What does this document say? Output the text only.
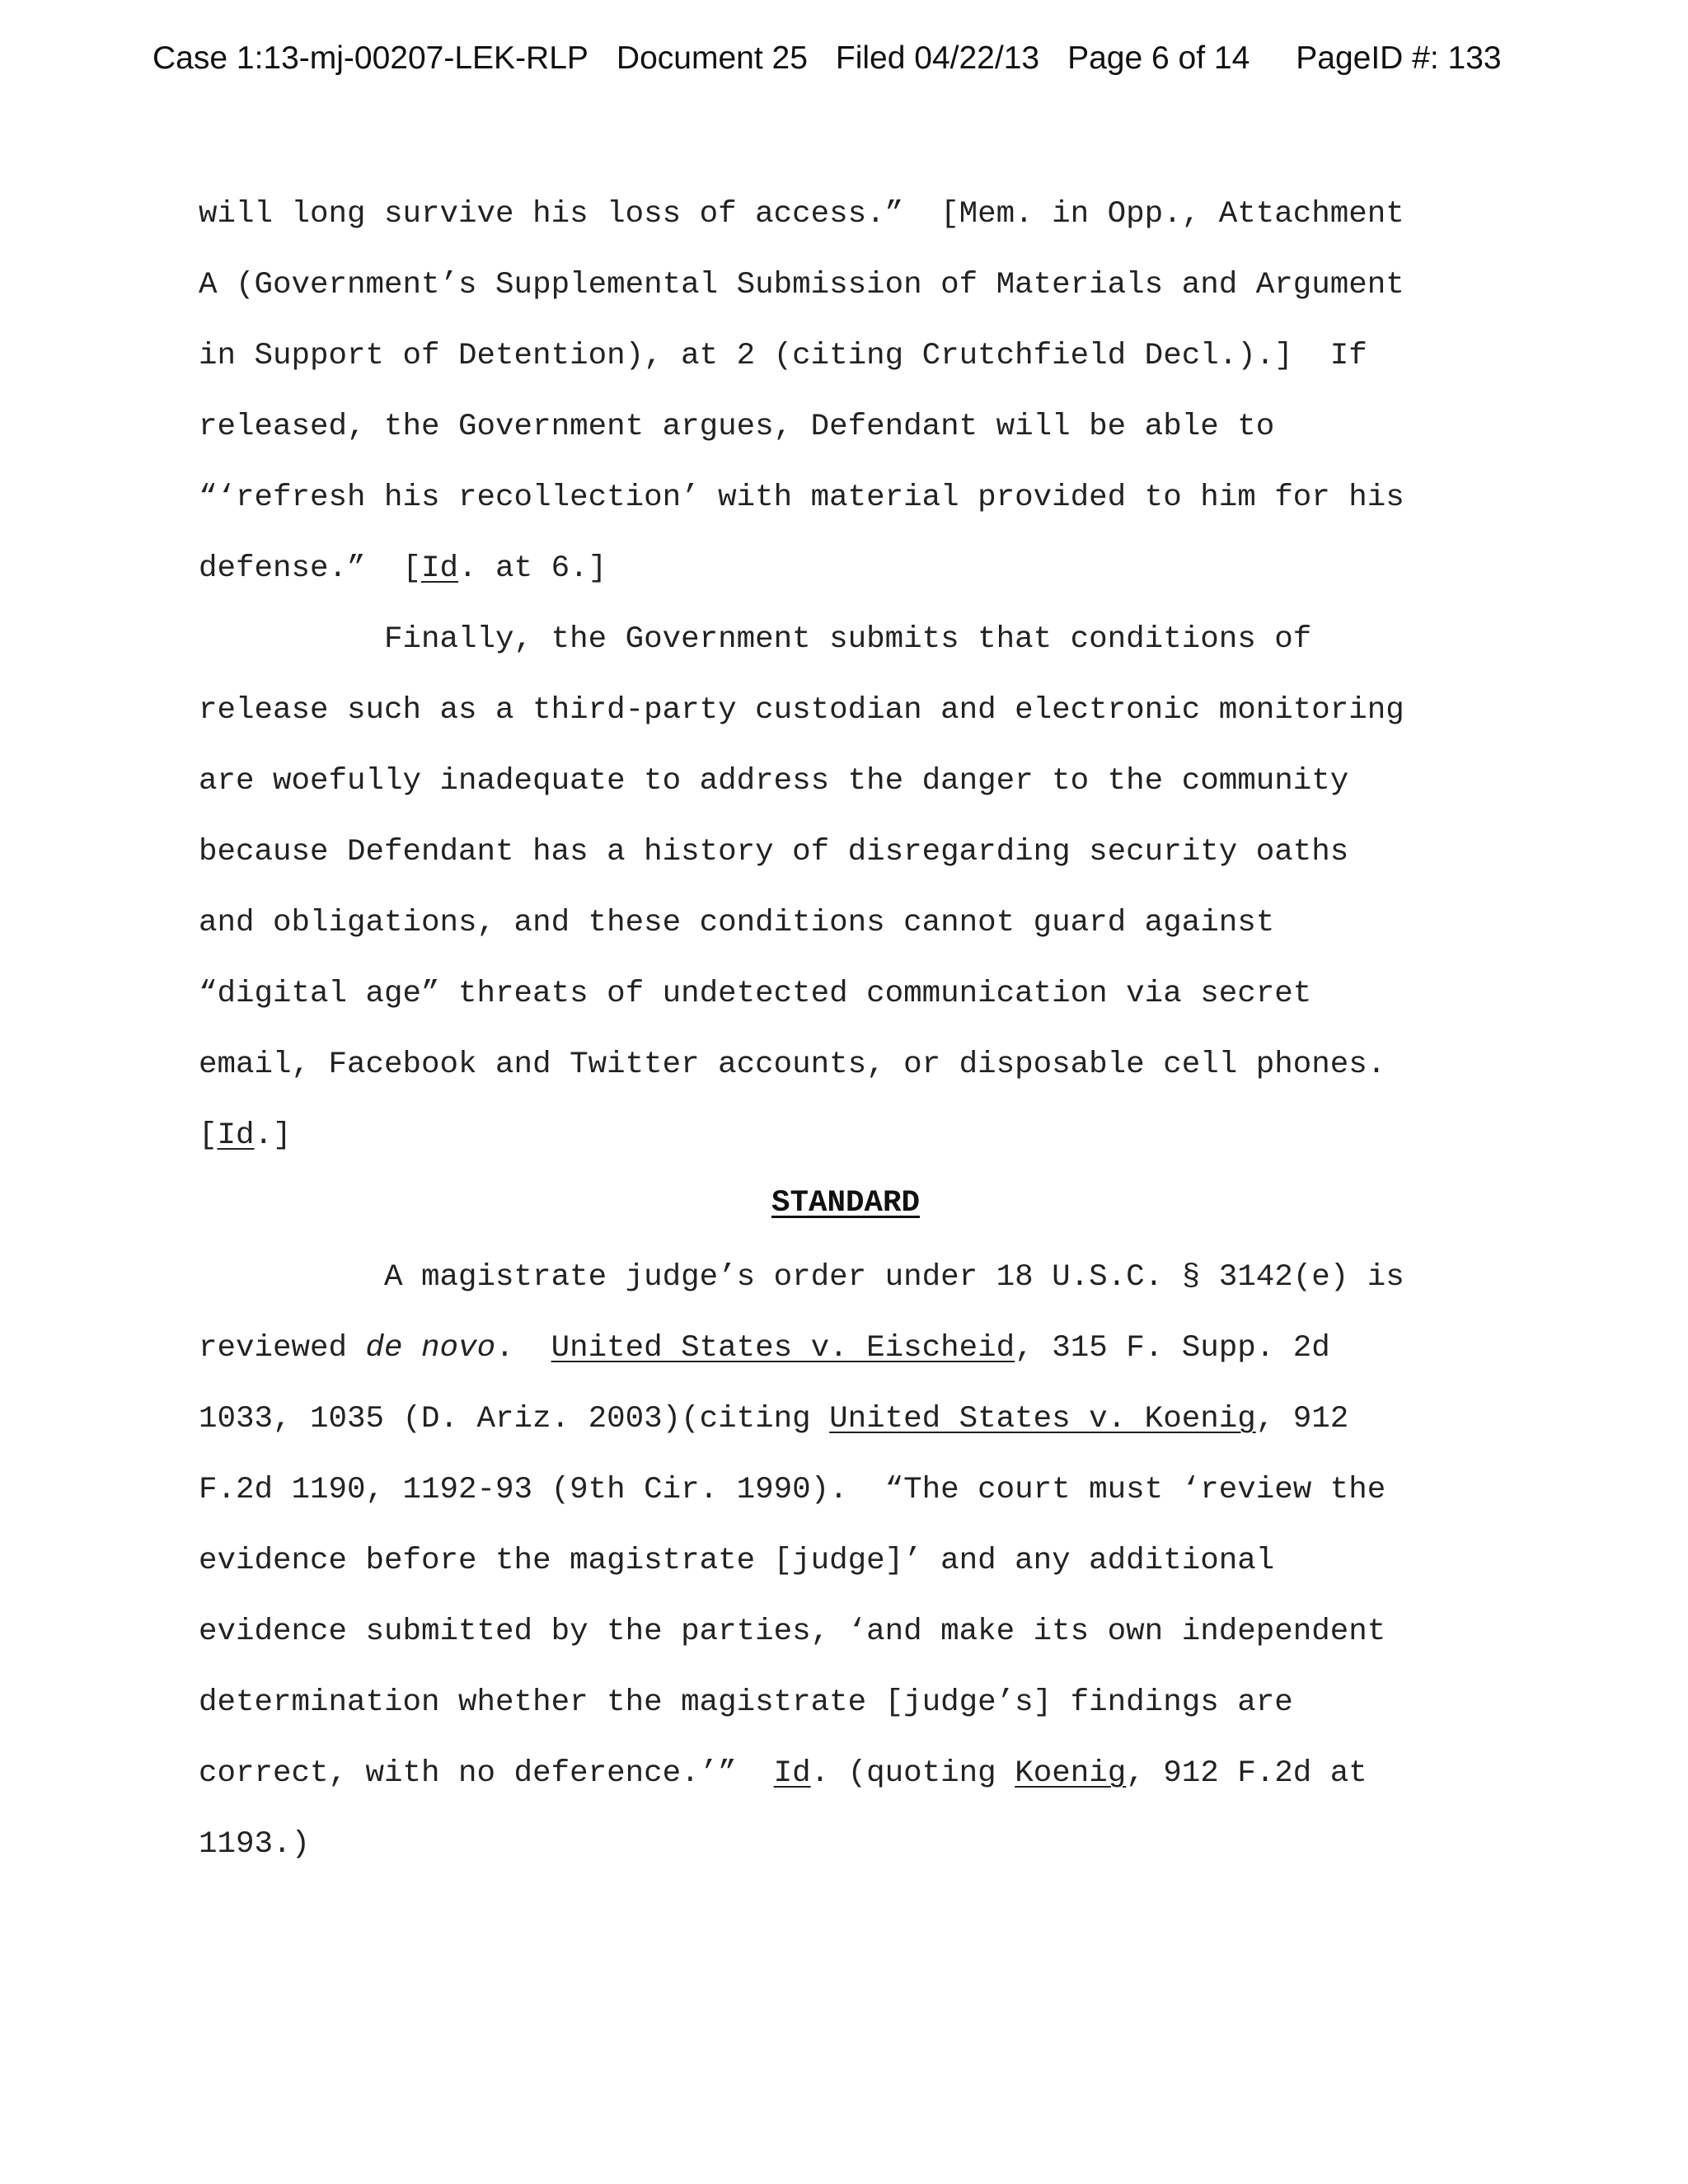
Case 1:13-mj-00207-LEK-RLP Document 25 Filed 04/22/13 Page 6 of 14 PageID #: 133
will long survive his loss of access.”  [Mem. in Opp., Attachment
A (Government’s Supplemental Submission of Materials and Argument
in Support of Detention), at 2 (citing Crutchfield Decl.).]  If
released, the Government argues, Defendant will be able to
“‘refresh his recollection’ with material provided to him for his
defense.”  [Id. at 6.]
Finally, the Government submits that conditions of
release such as a third-party custodian and electronic monitoring
are woefully inadequate to address the danger to the community
because Defendant has a history of disregarding security oaths
and obligations, and these conditions cannot guard against
“digital age” threats of undetected communication via secret
email, Facebook and Twitter accounts, or disposable cell phones.
[Id.]
STANDARD
A magistrate judge’s order under 18 U.S.C. § 3142(e) is
reviewed de novo.  United States v. Eischeid, 315 F. Supp. 2d
1033, 1035 (D. Ariz. 2003)(citing United States v. Koenig, 912
F.2d 1190, 1192-93 (9th Cir. 1990).  “The court must ‘review the
evidence before the magistrate [judge]’ and any additional
evidence submitted by the parties, ‘and make its own independent
determination whether the magistrate [judge’s] findings are
correct, with no deference.’”  Id. (quoting Koenig, 912 F.2d at
1193.)
